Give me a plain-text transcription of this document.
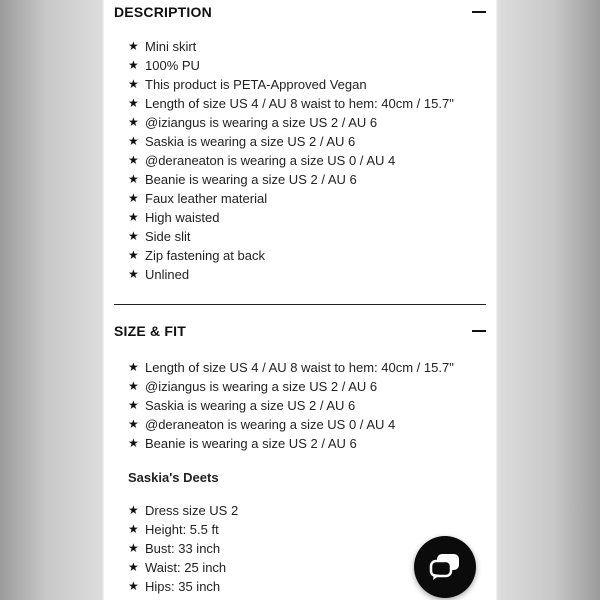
DESCRIPTION
★ Mini skirt
★ 100% PU
★ This product is PETA-Approved Vegan
★ Length of size US 4 / AU 8 waist to hem: 40cm / 15.7"
★ @iziangus is wearing a size US 2 / AU 6
★ Saskia is wearing a size US 2 / AU 6
★ @deraneaton is wearing a size US 0 / AU 4
★ Beanie is wearing a size US 2 / AU 6
★ Faux leather material
★ High waisted
★ Side slit
★ Zip fastening at back
★ Unlined
SIZE & FIT
★ Length of size US 4 / AU 8 waist to hem: 40cm / 15.7"
★ @iziangus is wearing a size US 2 / AU 6
★ Saskia is wearing a size US 2 / AU 6
★ @deraneaton is wearing a size US 0 / AU 4
★ Beanie is wearing a size US 2 / AU 6
Saskia's Deets
★ Dress size US 2
★ Height: 5.5 ft
★ Bust: 33 inch
★ Waist: 25 inch
★ Hips: 35 inch
